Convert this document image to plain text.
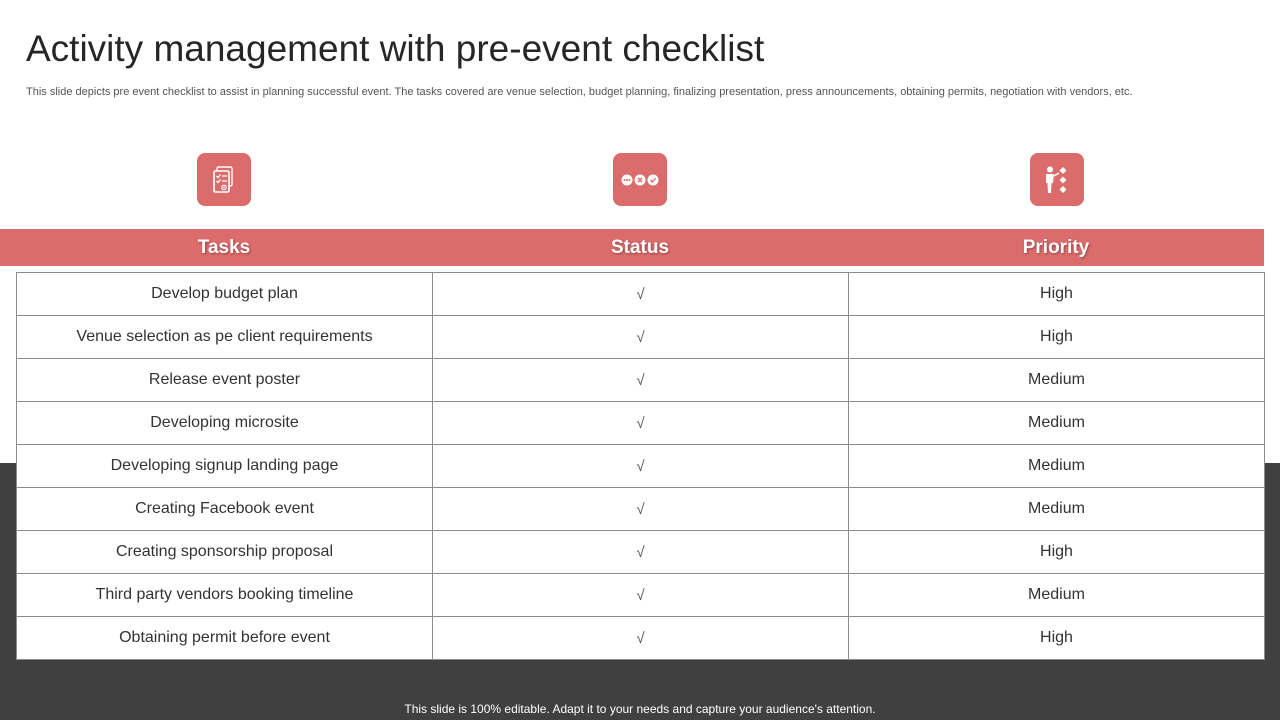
Activity management with pre-event checklist

This slide depicts pre event checklist to assist in planning successful event. The tasks covered are venue selection, budget planning, finalizing presentation, press announcements, obtaining permits, negotiation with vendors, etc.

Tasks	Status	Priority
Develop budget plan	√	High
Venue selection as pe client requirements	√	High
Release event poster	√	Medium
Developing microsite	√	Medium
Developing signup landing page	√	Medium
Creating Facebook event	√	Medium
Creating sponsorship proposal	√	High
Third party vendors booking timeline	√	Medium
Obtaining permit before event	√	High
This slide is 100% editable. Adapt it to your needs and capture your audience's attention.
